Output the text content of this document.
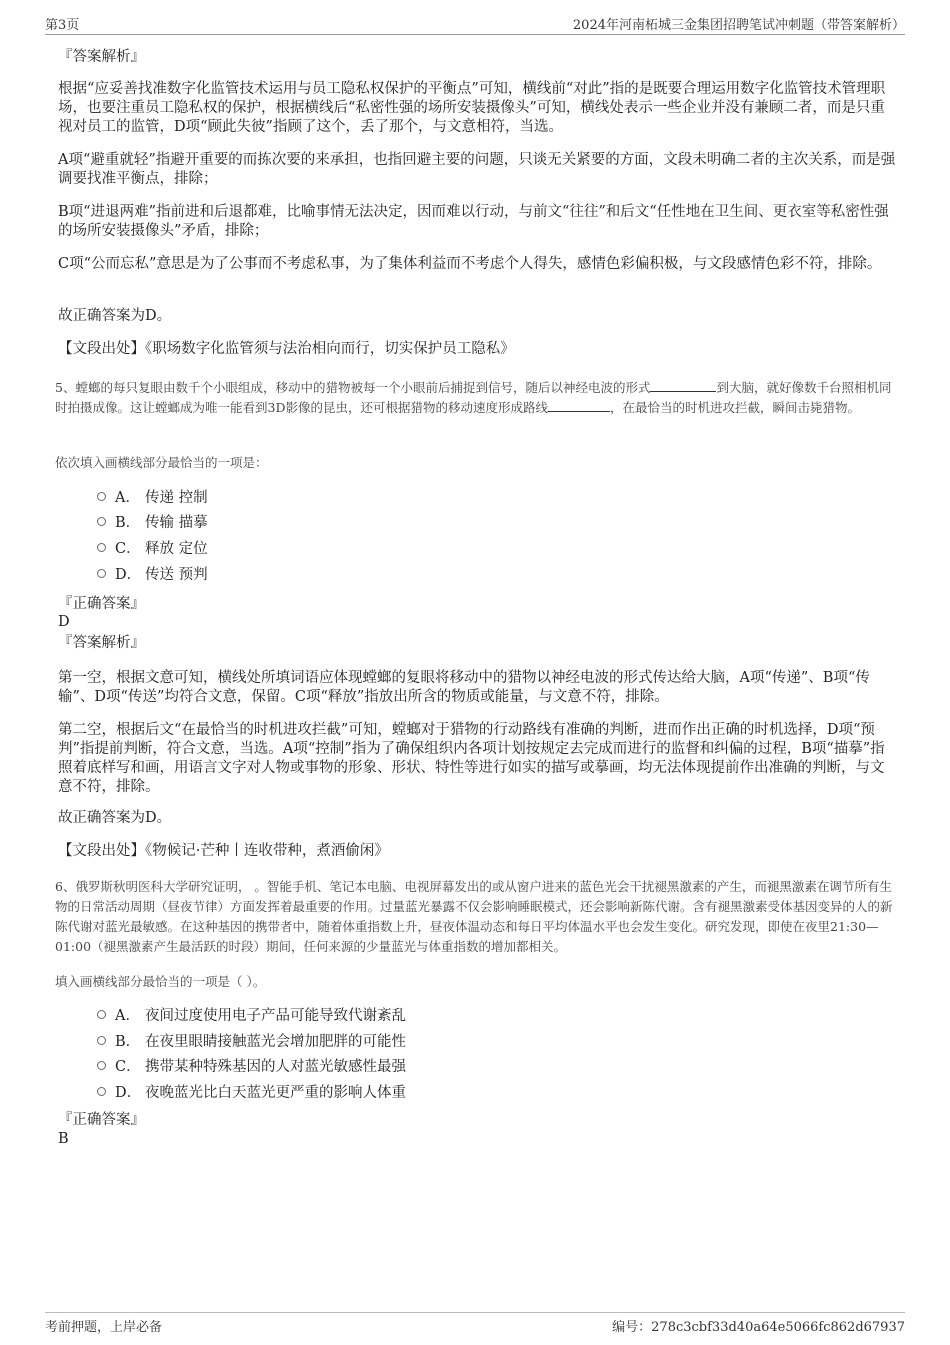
第3页	2024年河南柘城三金集团招聘笔试冲刺题（带答案解析）

『答案解析』

根据“应妥善找准数字化监管技术运用与员工隐私权保护的平衡点”可知，横线前“对此”指的是既要合理运用数字化监管技术管理职场，也要注重员工隐私权的保护，根据横线后“私密性强的场所安装摄像头”可知，横线处表示一些企业并没有兼顾二者，而是只重视对员工的监管，D项“顾此失彼”指顾了这个，丢了那个，与文意相符，当选。

A项“避重就轻”指避开重要的而拣次要的来承担，也指回避主要的问题，只谈无关紧要的方面，文段未明确二者的主次关系，而是强调要找准平衡点，排除；

B项“进退两难”指前进和后退都难，比喻事情无法决定，因而难以行动，与前文“往往”和后文“任性地在卫生间、更衣室等私密性强的场所安装摄像头”矛盾，排除；

C项“公而忘私”意思是为了公事而不考虑私事，为了集体利益而不考虑个人得失，感情色彩偏积极，与文段感情色彩不符，排除。

故正确答案为D。

【文段出处】《职场数字化监管须与法治相向而行，切实保护员工隐私》

5、螳螂的每只复眼由数千个小眼组成，移动中的猎物被每一个小眼前后捕捉到信号，随后以神经电波的形式	到大脑，就好像数千台照相机同时拍摄成像。这让螳螂成为唯一能看到3D影像的昆虫，还可根据猎物的移动速度形成路线	，在最恰当的时机进攻拦截，瞬间击毙猎物。

依次填入画横线部分最恰当的一项是：

A． 传递 控制
B． 传输 描摹
C． 释放 定位
D． 传送 预判

『正确答案』

D

『答案解析』

第一空，根据文意可知，横线处所填词语应体现螳螂的复眼将移动中的猎物以神经电波的形式传达给大脑，A项“传递”、B项“传输”、D项“传送”均符合文意，保留。C项“释放”指放出所含的物质或能量，与文意不符，排除。

第二空，根据后文“在最恰当的时机进攻拦截”可知，螳螂对于猎物的行动路线有准确的判断，进而作出正确的时机选择，D项“预判”指提前判断，符合文意，当选。A项“控制”指为了确保组织内各项计划按规定去完成而进行的监督和纠偏的过程，B项“描摹”指照着底样写和画，用语言文字对人物或事物的形象、形状、特性等进行如实的描写或摹画，均无法体现提前作出准确的判断，与文意不符，排除。

故正确答案为D。

【文段出处】《物候记·芒种丨连收带种，煮酒偷闲》

6、俄罗斯秋明医科大学研究证明， 。智能手机、笔记本电脑、电视屏幕发出的或从窗户进来的蓝色光会干扰褪黑激素的产生，而褪黑激素在调节所有生物的日常活动周期（昼夜节律）方面发挥着最重要的作用。过量蓝光暴露不仅会影响睡眠模式，还会影响新陈代谢。含有褪黑激素受体基因变异的人的新陈代谢对蓝光最敏感。在这种基因的携带者中，随着体重指数上升，昼夜体温动态和每日平均体温水平也会发生变化。研究发现，即使在夜里21:30—01:00（褪黑激素产生最活跃的时段）期间，任何来源的少量蓝光与体重指数的增加都相关。

填入画横线部分最恰当的一项是（ ）。

A． 夜间过度使用电子产品可能导致代谢紊乱
B． 在夜里眼睛接触蓝光会增加肥胖的可能性
C． 携带某种特殊基因的人对蓝光敏感性最强
D． 夜晚蓝光比白天蓝光更严重的影响人体重

『正确答案』

B

考前押题，上岸必备	编号：278c3cbf33d40a64e5066fc862d67937
